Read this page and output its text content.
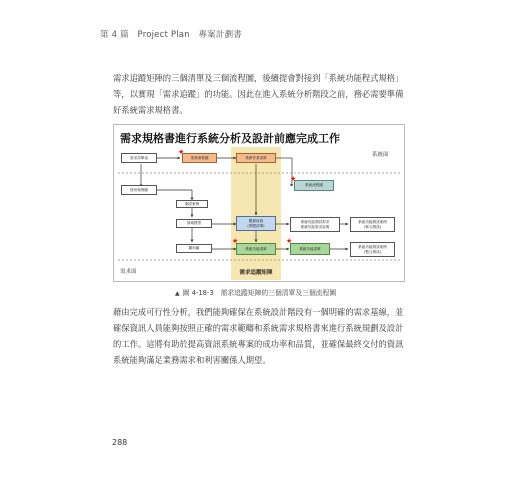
第 4 篇　Project Plan　專案計劃書
需求追蹤矩陣的三個清單及三個流程圖，後續提會對接到「系統功能程式規格」
等，以實現「需求追蹤」的功能。因此在進入系統分析階段之前，務必需要準備
好系統需求規格書。
需求規格書進行系統分析及設計前應完成工作
系統面
需求面
需求清單表	業務流程圖
★
業務作業清單
系統流程圖
★
使用案例圖
測試案例
領域模型
數據資源
(實體清單)
雛形圖	系統功能清單
★
系統功能測試需求
系統功能需求說明
系統功能測試案例
(單元測試)
系統功能清單
★
系統功能測試案例
(整合測試)
需求追蹤矩陣
▲ 圖 4-18-3　需求追蹤矩陣的三個清單及三個流程圖
藉由完成可行性分析，我們能夠確保在系統設計階段有一個明確的需求基線，並
確保資訊人員能夠按照正確的需求範疇和系統需求規格書來進行系統規劃及設計
的工作。這將有助於提高資訊系統專案的成功率和品質，並確保最終交付的資訊
系統能夠滿足業務需求和利害關係人期望。
288
